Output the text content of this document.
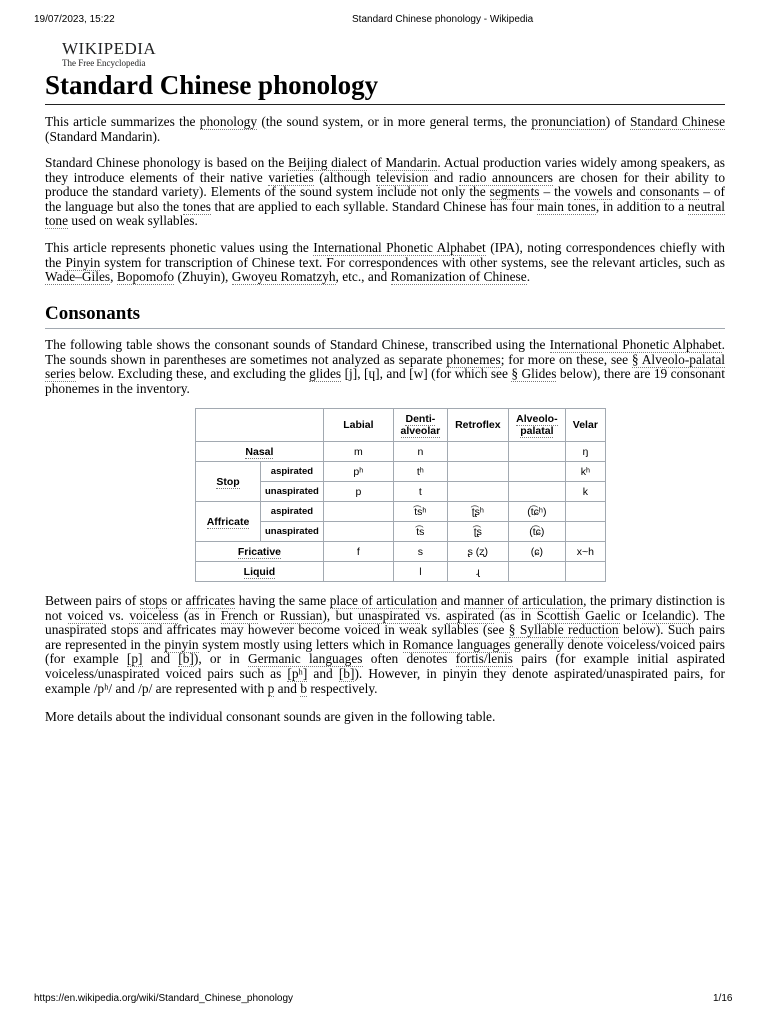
19/07/2023, 15:22	Standard Chinese phonology - Wikipedia
WIKIPEDIA
The Free Encyclopedia
Standard Chinese phonology

This article summarizes the phonology (the sound system, or in more general terms, the pronunciation) of Standard Chinese (Standard Mandarin).

Standard Chinese phonology is based on the Beijing dialect of Mandarin. Actual production varies widely among speakers, as they introduce elements of their native varieties (although television and radio announcers are chosen for their ability to produce the standard variety). Elements of the sound system include not only the segments – the vowels and consonants – of the language but also the tones that are applied to each syllable. Standard Chinese has four main tones, in addition to a neutral tone used on weak syllables.

This article represents phonetic values using the International Phonetic Alphabet (IPA), noting correspondences chiefly with the Pinyin system for transcription of Chinese text. For correspondences with other systems, see the relevant articles, such as Wade–Giles, Bopomofo (Zhuyin), Gwoyeu Romatzyh, etc., and Romanization of Chinese.

Consonants

The following table shows the consonant sounds of Standard Chinese, transcribed using the International Phonetic Alphabet. The sounds shown in parentheses are sometimes not analyzed as separate phonemes; for more on these, see § Alveolo-palatal series below. Excluding these, and excluding the glides [j], [ɥ], and [w] (for which see § Glides below), there are 19 consonant phonemes in the inventory.

		Labial	Denti-alveolar	Retroflex	Alveolo-palatal	Velar
Nasal		m	n			ŋ
Stop	aspirated	pʰ	tʰ			kʰ
	unaspirated	p	t			k
Affricate	aspirated		t͡sʰ	ʈ͡ʂʰ	(t͡ɕʰ)	
	unaspirated		t͡s	ʈ͡ʂ	(t͡ɕ)	
Fricative		f	s	ʂ (ʐ)	(ɕ)	x~h
Liquid			l	ɻ		

Between pairs of stops or affricates having the same place of articulation and manner of articulation, the primary distinction is not voiced vs. voiceless (as in French or Russian), but unaspirated vs. aspirated (as in Scottish Gaelic or Icelandic). The unaspirated stops and affricates may however become voiced in weak syllables (see § Syllable reduction below). Such pairs are represented in the pinyin system mostly using letters which in Romance languages generally denote voiceless/voiced pairs (for example [p] and [b]), or in Germanic languages often denotes fortis/lenis pairs (for example initial aspirated voiceless/unaspirated voiced pairs such as [pʰ] and [b]). However, in pinyin they denote aspirated/unaspirated pairs, for example /pʰ/ and /p/ are represented with p and b respectively.

More details about the individual consonant sounds are given in the following table.

https://en.wikipedia.org/wiki/Standard_Chinese_phonology	1/16
